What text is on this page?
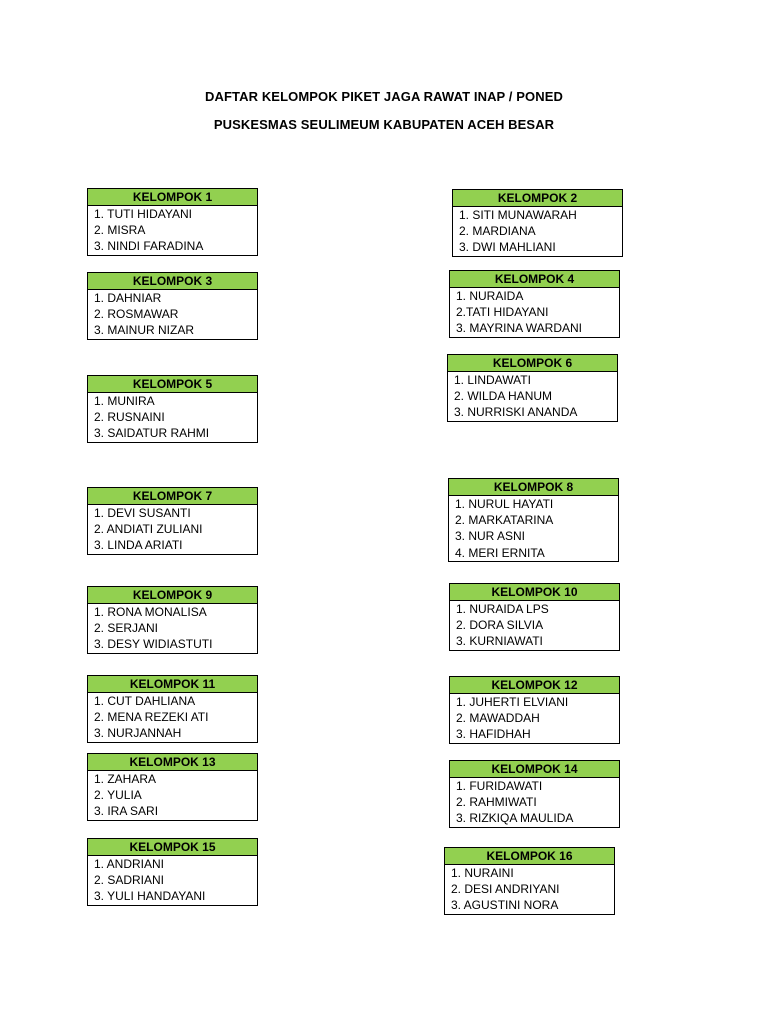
DAFTAR KELOMPOK PIKET JAGA RAWAT INAP / PONED
PUSKESMAS SEULIMEUM KABUPATEN ACEH BESAR
KELOMPOK 1
1. TUTI HIDAYANI
2. MISRA
3. NINDI FARADINA
KELOMPOK 2
1. SITI MUNAWARAH
2. MARDIANA
3. DWI MAHLIANI
KELOMPOK 3
1. DAHNIAR
2. ROSMAWAR
3. MAINUR NIZAR
KELOMPOK 4
1. NURAIDA
2.TATI HIDAYANI
3. MAYRINA WARDANI
KELOMPOK 5
1. MUNIRA
2. RUSNAINI
3. SAIDATUR RAHMI
KELOMPOK 6
1. LINDAWATI
2. WILDA HANUM
3. NURRISKI ANANDA
KELOMPOK 7
1. DEVI SUSANTI
2. ANDIATI ZULIANI
3. LINDA ARIATI
KELOMPOK 8
1. NURUL HAYATI
2. MARKATARINA
3. NUR ASNI
4. MERI ERNITA
KELOMPOK 9
1. RONA MONALISA
2. SERJANI
3. DESY WIDIASTUTI
KELOMPOK 10
1. NURAIDA LPS
2. DORA SILVIA
3. KURNIAWATI
KELOMPOK 11
1. CUT DAHLIANA
2. MENA REZEKI ATI
3. NURJANNAH
KELOMPOK 12
1. JUHERTI ELVIANI
2. MAWADDAH
3. HAFIDHAH
KELOMPOK 13
1. ZAHARA
2. YULIA
3. IRA SARI
KELOMPOK 14
1. FURIDAWATI
2. RAHMIWATI
3. RIZKIQA MAULIDA
KELOMPOK 15
1. ANDRIANI
2. SADRIANI
3. YULI HANDAYANI
KELOMPOK 16
1. NURAINI
2. DESI ANDRIYANI
3. AGUSTINI NORA
